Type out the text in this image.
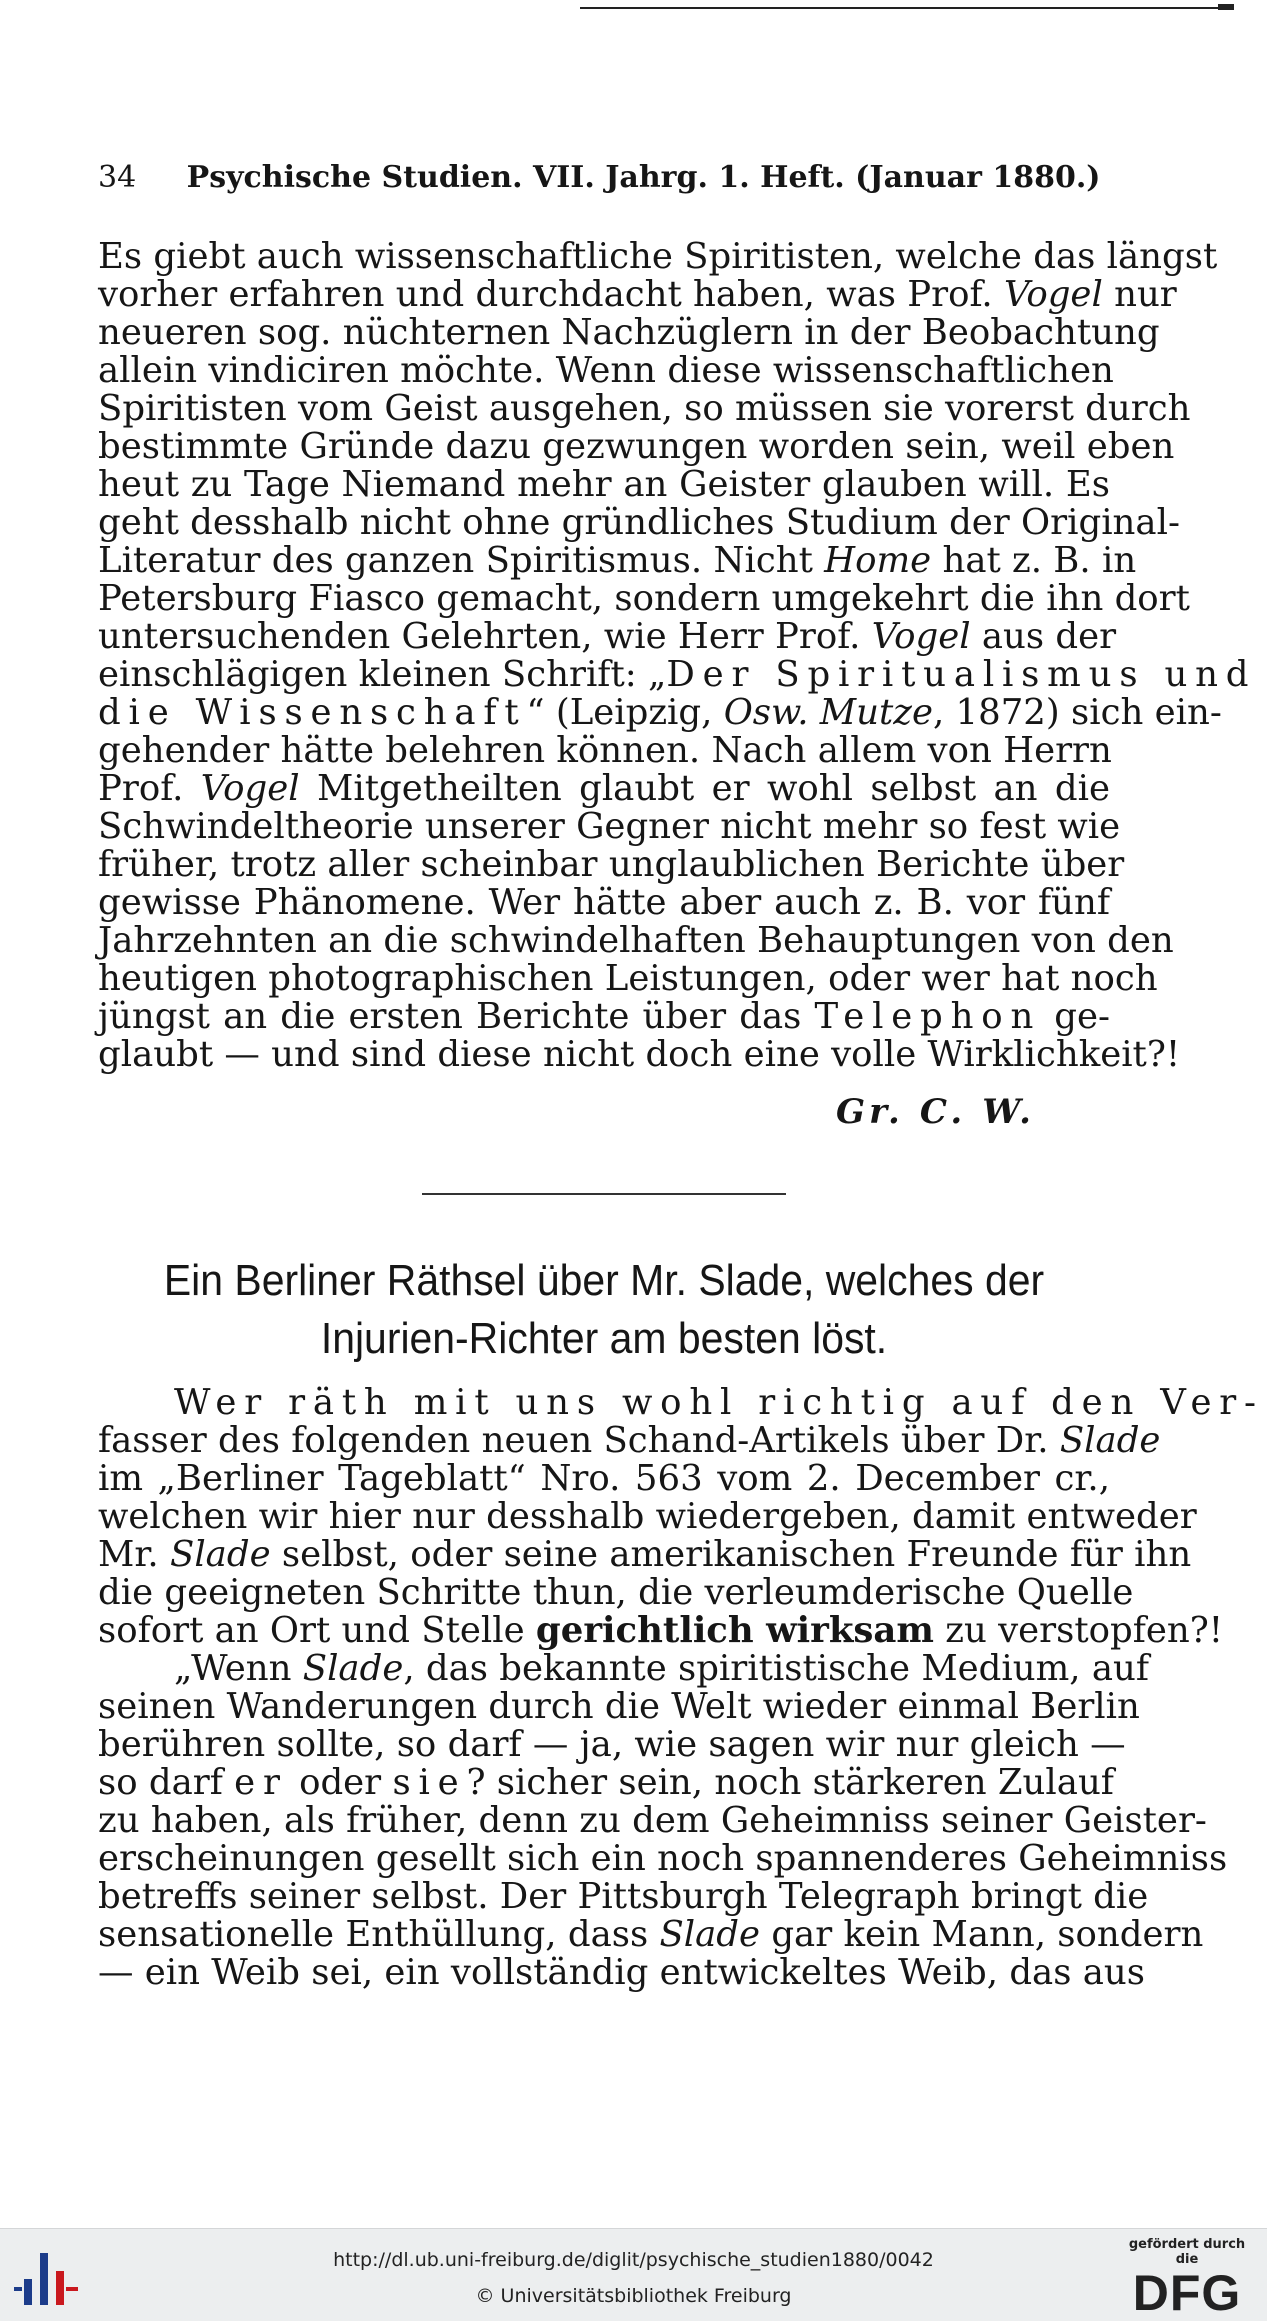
34 Psychische Studien. VII. Jahrg. 1. Heft. (Januar 1880.)
Es giebt auch wissenschaftliche Spiritisten, welche das längst
vorher erfahren und durchdacht haben, was Prof. Vogel nur
neueren sog. nüchternen Nachzüglern in der Beobachtung
allein vindiciren möchte. Wenn diese wissenschaftlichen
Spiritisten vom Geist ausgehen, so müssen sie vorerst durch
bestimmte Gründe dazu gezwungen worden sein, weil eben
heut zu Tage Niemand mehr an Geister glauben will. Es
geht desshalb nicht ohne gründliches Studium der Original-
Literatur des ganzen Spiritismus. Nicht Home hat z. B. in
Petersburg Fiasco gemacht, sondern umgekehrt die ihn dort
untersuchenden Gelehrten, wie Herr Prof. Vogel aus der
einschlägigen kleinen Schrift: „Der Spiritualismus und
die Wissenschaft“ (Leipzig, Osw. Mutze, 1872) sich ein-
gehender hätte belehren können. Nach allem von Herrn
Prof. Vogel Mitgetheilten glaubt er wohl selbst an die
Schwindeltheorie unserer Gegner nicht mehr so fest wie
früher, trotz aller scheinbar unglaublichen Berichte über
gewisse Phänomene. Wer hätte aber auch z. B. vor fünf
Jahrzehnten an die schwindelhaften Behauptungen von den
heutigen photographischen Leistungen, oder wer hat noch
jüngst an die ersten Berichte über das Telephon ge-
glaubt — und sind diese nicht doch eine volle Wirklichkeit?!
Gr. C. W.
Ein Berliner Räthsel über Mr. Slade, welches der
Injurien-Richter am besten löst.
Wer räth mit uns wohl richtig auf den Ver-
fasser des folgenden neuen Schand-Artikels über Dr. Slade
im „Berliner Tageblatt“ Nro. 563 vom 2. December cr.,
welchen wir hier nur desshalb wiedergeben, damit entweder
Mr. Slade selbst, oder seine amerikanischen Freunde für ihn
die geeigneten Schritte thun, die verleumderische Quelle
sofort an Ort und Stelle gerichtlich wirksam zu verstopfen?!
„Wenn Slade, das bekannte spiritistische Medium, auf
seinen Wanderungen durch die Welt wieder einmal Berlin
berühren sollte, so darf — ja, wie sagen wir nur gleich —
so darf er oder sie? sicher sein, noch stärkeren Zulauf
zu haben, als früher, denn zu dem Geheimniss seiner Geister-
erscheinungen gesellt sich ein noch spannenderes Geheimniss
betreffs seiner selbst. Der Pittsburgh Telegraph bringt die
sensationelle Enthüllung, dass Slade gar kein Mann, sondern
— ein Weib sei, ein vollständig entwickeltes Weib, das aus
http://dl.ub.uni-freiburg.de/diglit/psychische_studien1880/0042
© Universitätsbibliothek Freiburg
gefördert durch die
DFG
